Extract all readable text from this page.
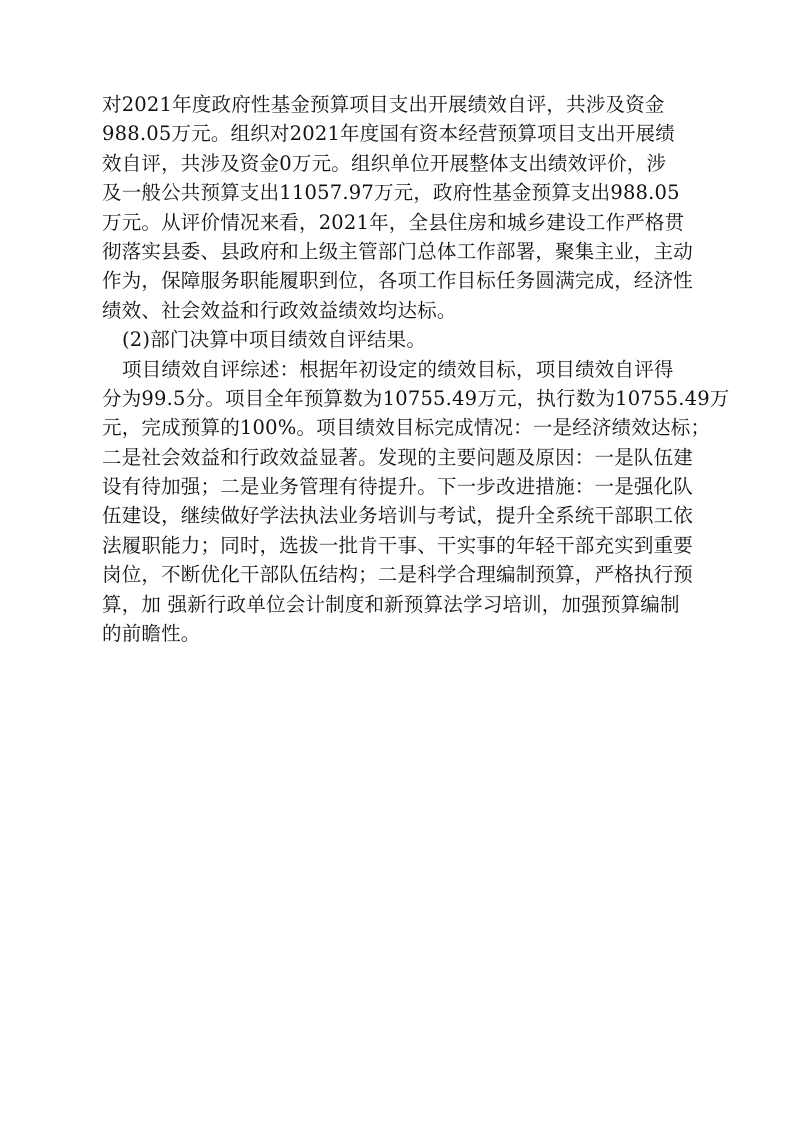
对2021年度政府性基金预算项目支出开展绩效自评，共涉及资金
988.05万元。组织对2021年度国有资本经营预算项目支出开展绩
效自评，共涉及资金0万元。组织单位开展整体支出绩效评价，涉
及一般公共预算支出11057.97万元，政府性基金预算支出988.05
万元。从评价情况来看，2021年，全县住房和城乡建设工作严格贯
彻落实县委、县政府和上级主管部门总体工作部署，聚集主业，主动
作为，保障服务职能履职到位，各项工作目标任务圆满完成，经济性
绩效、社会效益和行政效益绩效均达标。
(2)部门决算中项目绩效自评结果。
项目绩效自评综述：根据年初设定的绩效目标，项目绩效自评得
分为99.5分。项目全年预算数为10755.49万元，执行数为10755.49万
元，完成预算的100%。项目绩效目标完成情况：一是经济绩效达标；
二是社会效益和行政效益显著。发现的主要问题及原因：一是队伍建
设有待加强；二是业务管理有待提升。下一步改进措施：一是强化队
伍建设，继续做好学法执法业务培训与考试，提升全系统干部职工依
法履职能力；同时，选拔一批肯干事、干实事的年轻干部充实到重要
岗位，不断优化干部队伍结构；二是科学合理编制预算，严格执行预
算，加 强新行政单位会计制度和新预算法学习培训，加强预算编制
的前瞻性。
